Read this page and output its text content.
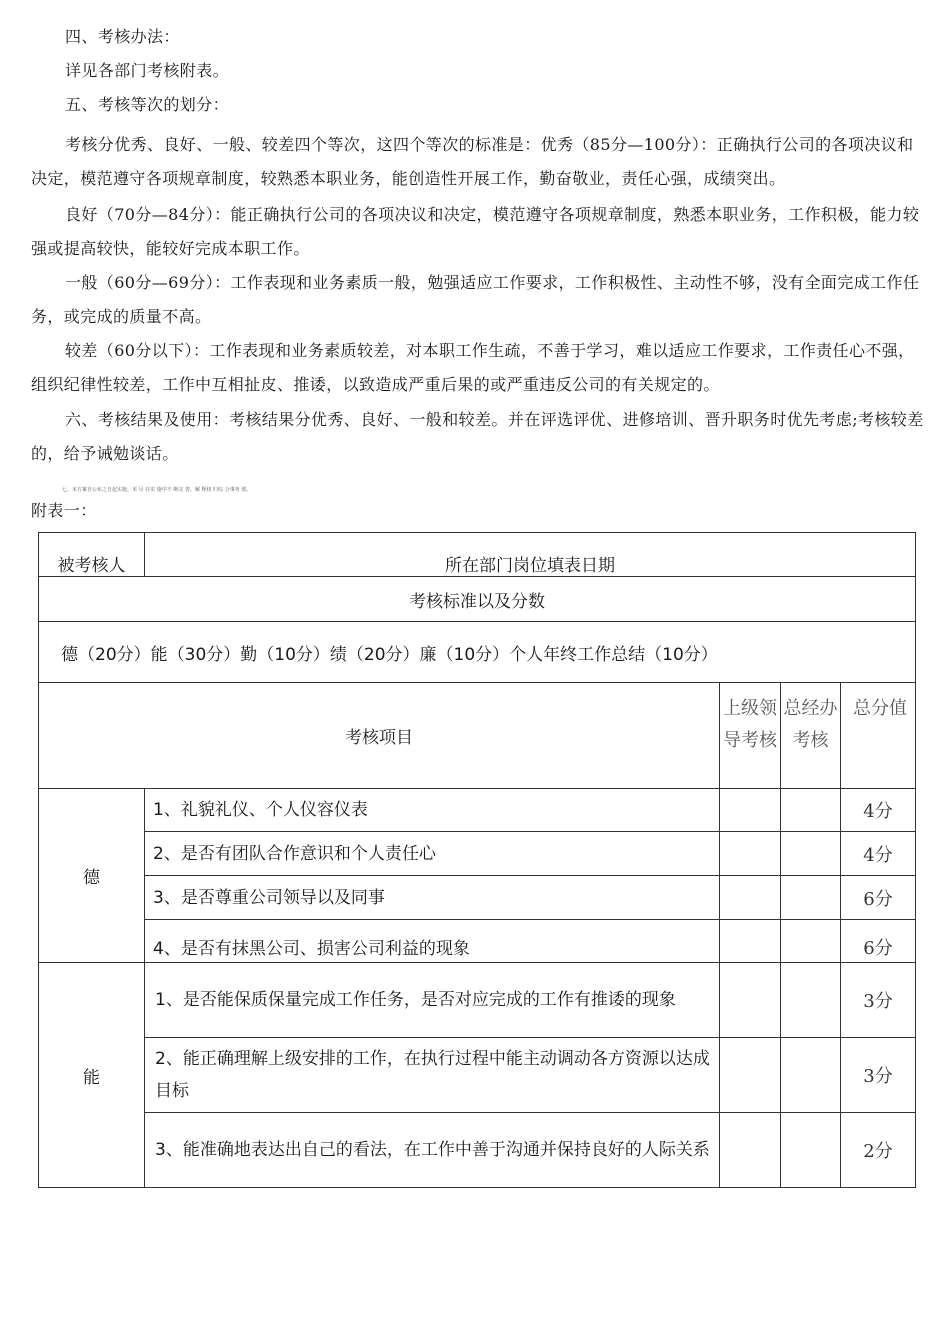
四、考核办法：

详见各部门考核附表。

五、考核等次的划分：

考核分优秀、良好、一般、较差四个等次，这四个等次的标准是：优秀（85分—100分）：正确执行公司的各项决议和决定，模范遵守各项规章制度，较熟悉本职业务，能创造性开展工作，勤奋敬业，责任心强，成绩突出。

良好（70分—84分）：能正确执行公司的各项决议和决定，模范遵守各项规章制度，熟悉本职业务，工作积极，能力较强或提高较快，能较好完成本职工作。

一般（60分—69分）：工作表现和业务素质一般，勉强适应工作要求，工作积极性、主动性不够，没有全面完成工作任务，或完成的质量不高。

较差（60分以下）：工作表现和业务素质较差，对本职工作生疏，不善于学习，难以适应工作要求，工作责任心不强，组织纪律性较差，工作中互相扯皮、推诿，以致造成严重后果的或严重违反公司的有关规定的。

六、考核结果及使用：考核结果分优秀、良好、一般和较差。并在评选评优、进修培训、晋升职务时优先考虑;考核较差的，给予诫勉谈话。

七、本方案自公布之日起实施。未 尽 在实 施中不 断完 善。解 释权 归综 合事务 部。

附表一：

被考核人	所在部门岗位填表日期			
考核标准以及分数				
德（20分）能（30分）勤（10分）绩（20分）廉（10分）个人年终工作总结（10分）				
考核项目		上级领导考核	总经办考核	总分值
德	1、礼貌礼仪、个人仪容仪表			4分
	2、是否有团队合作意识和个人责任心			4分
	3、是否尊重公司领导以及同事			6分
	4、是否有抹黑公司、损害公司利益的现象			6分
能	1、是否能保质保量完成工作任务，是否对应完成的工作有推诿的现象			3分
	2、能正确理解上级安排的工作，在执行过程中能主动调动各方资源以达成目标			3分
	3、能准确地表达出自己的看法，在工作中善于沟通并保持良好的人际关系			2分
